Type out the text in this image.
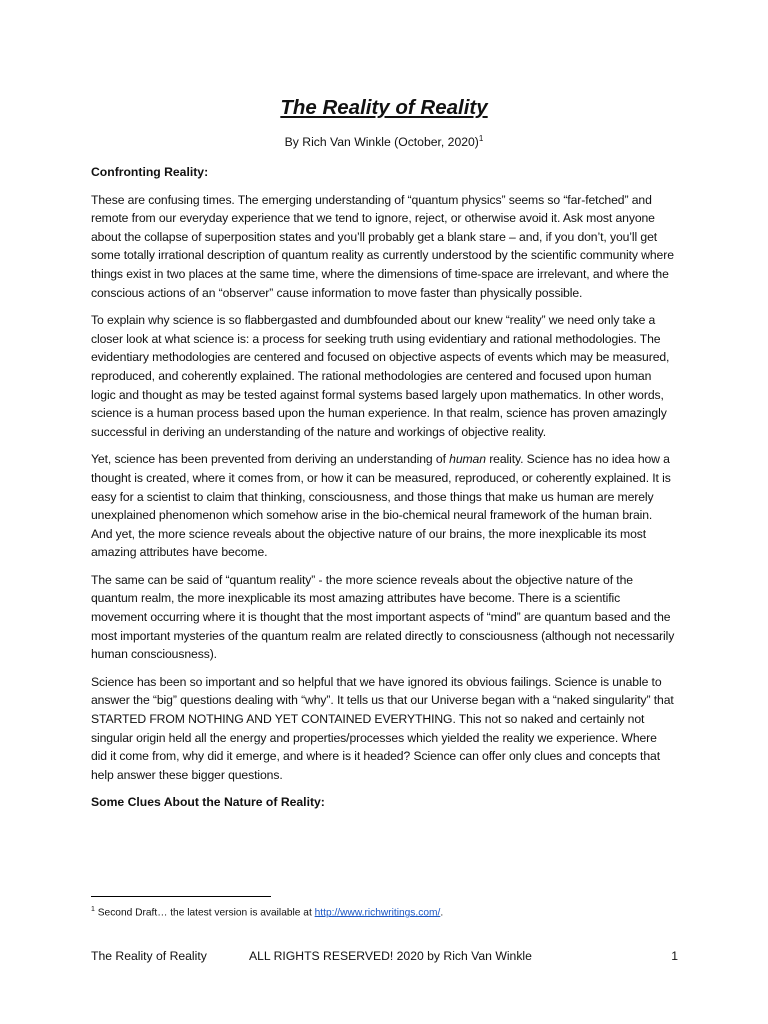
The Reality of Reality

By Rich Van Winkle (October, 2020)$^1$

Confronting Reality:

These are confusing times. The emerging understanding of “quantum physics” seems so “far-fetched” and remote from our everyday experience that we tend to ignore, reject, or otherwise avoid it. Ask most anyone about the collapse of superposition states and you’ll probably get a blank stare – and, if you don’t, you’ll get some totally irrational description of quantum reality as currently understood by the scientific community where things exist in two places at the same time, where the dimensions of time-space are irrelevant, and where the conscious actions of an “observer” cause information to move faster than physically possible.

To explain why science is so flabbergasted and dumbfounded about our knew “reality” we need only take a closer look at what science is: a process for seeking truth using evidentiary and rational methodologies. The evidentiary methodologies are centered and focused on objective aspects of events which may be measured, reproduced, and coherently explained. The rational methodologies are centered and focused upon human logic and thought as may be tested against formal systems based largely upon mathematics. In other words, science is a human process based upon the human experience. In that realm, science has proven amazingly successful in deriving an understanding of the nature and workings of objective reality.

Yet, science has been prevented from deriving an understanding of human reality. Science has no idea how a thought is created, where it comes from, or how it can be measured, reproduced, or coherently explained. It is easy for a scientist to claim that thinking, consciousness, and those things that make us human are merely unexplained phenomenon which somehow arise in the bio-chemical neural framework of the human brain. And yet, the more science reveals about the objective nature of our brains, the more inexplicable its most amazing attributes have become.

The same can be said of “quantum reality” - the more science reveals about the objective nature of the quantum realm, the more inexplicable its most amazing attributes have become. There is a scientific movement occurring where it is thought that the most important aspects of “mind” are quantum based and the most important mysteries of the quantum realm are related directly to consciousness (although not necessarily human consciousness).

Science has been so important and so helpful that we have ignored its obvious failings. Science is unable to answer the “big” questions dealing with “why”. It tells us that our Universe began with a “naked singularity” that STARTED FROM NOTHING AND YET CONTAINED EVERYTHING. This not so naked and certainly not singular origin held all the energy and properties/processes which yielded the reality we experience. Where did it come from, why did it emerge, and where is it headed? Science can offer only clues and concepts that help answer these bigger questions.

Some Clues About the Nature of Reality:
$^1$ Second Draft… the latest version is available at http://www.richwritings.com/.
The Reality of Reality	ALL RIGHTS RESERVED! 2020 by Rich Van Winkle	1
